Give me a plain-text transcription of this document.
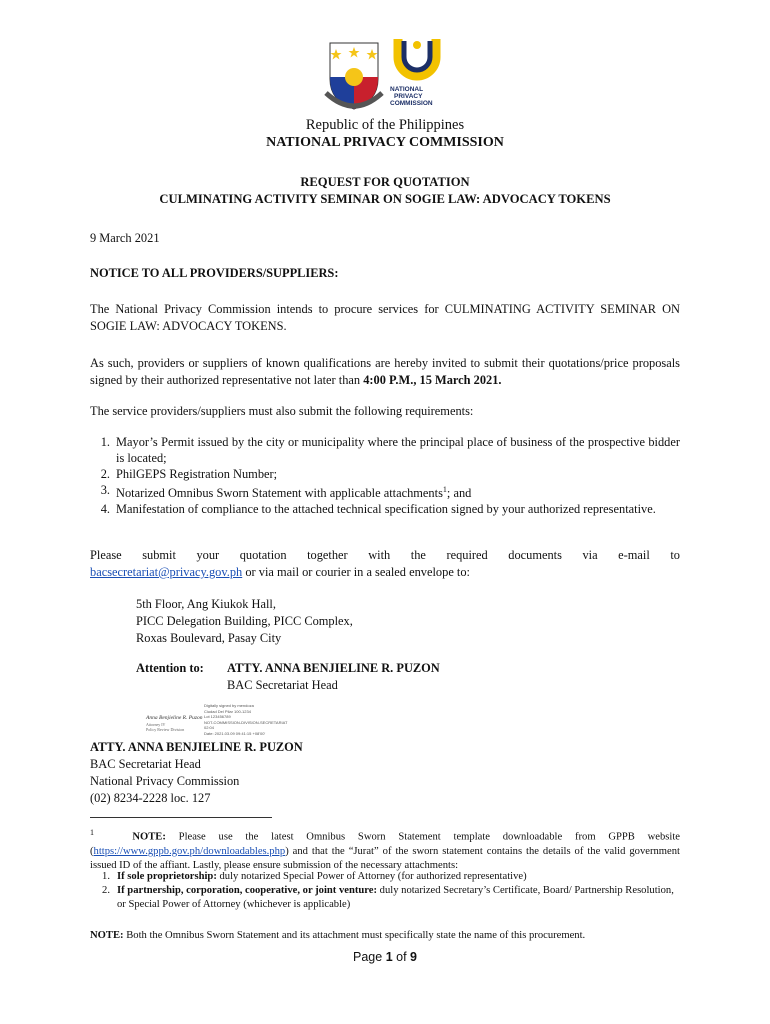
NATIONAL
PRIVACY
COMMISSION
Republic of the Philippines
NATIONAL PRIVACY COMMISSION
REQUEST FOR QUOTATION
CULMINATING ACTIVITY SEMINAR ON SOGIE LAW: ADVOCACY TOKENS
9 March 2021
NOTICE TO ALL PROVIDERS/SUPPLIERS:
The National Privacy Commission intends to procure services for CULMINATING ACTIVITY SEMINAR ON SOGIE LAW: ADVOCACY TOKENS.
As such, providers or suppliers of known qualifications are hereby invited to submit their quotations/price proposals signed by their authorized representative not later than 4:00 P.M., 15 March 2021.
The service providers/suppliers must also submit the following requirements:
1. Mayor’s Permit issued by the city or municipality where the principal place of business of the prospective bidder is located;
2. PhilGEPS Registration Number;
3. Notarized Omnibus Sworn Statement with applicable attachments$^1$; and
4. Manifestation of compliance to the attached technical specification signed by your authorized representative.
Please submit your quotation together with the required documents via e-mail to
bacsecretariat@privacy.gov.ph or via mail or courier in a sealed envelope to:
5th Floor, Ang Kiukok Hall,
PICC Delegation Building, PICC Complex,
Roxas Boulevard, Pasay City
Attention to: ATTY. ANNA BENJIELINE R. PUZON
BAC Secretariat Head
Anna Benjieline R. Puzon
Attorney IV
Policy Review Division
Digitally signed by mendoza
Ciudad Del Pilar 100-1234
Lot 123456789
NOT-COMMISSION-DIVISION-SECRETARIAT
02:04
Date: 2021.03.09 09:41:15 +08'00'
ATTY. ANNA BENJIELINE R. PUZON
BAC Secretariat Head
National Privacy Commission
(02) 8234-2228 loc. 127
$^1$	NOTE: Please use the latest Omnibus Sworn Statement template downloadable from GPPB website (https://www.gppb.gov.ph/downloadables.php) and that the “Jurat” of the sworn statement contains the details of the valid government issued ID of the affiant. Lastly, please ensure submission of the necessary attachments:
1. If sole proprietorship: duly notarized Special Power of Attorney (for authorized representative)
2. If partnership, corporation, cooperative, or joint venture: duly notarized Secretary’s Certificate, Board/ Partnership Resolution, or Special Power of Attorney (whichever is applicable)
NOTE: Both the Omnibus Sworn Statement and its attachment must specifically state the name of this procurement.
Page 1 of 9
